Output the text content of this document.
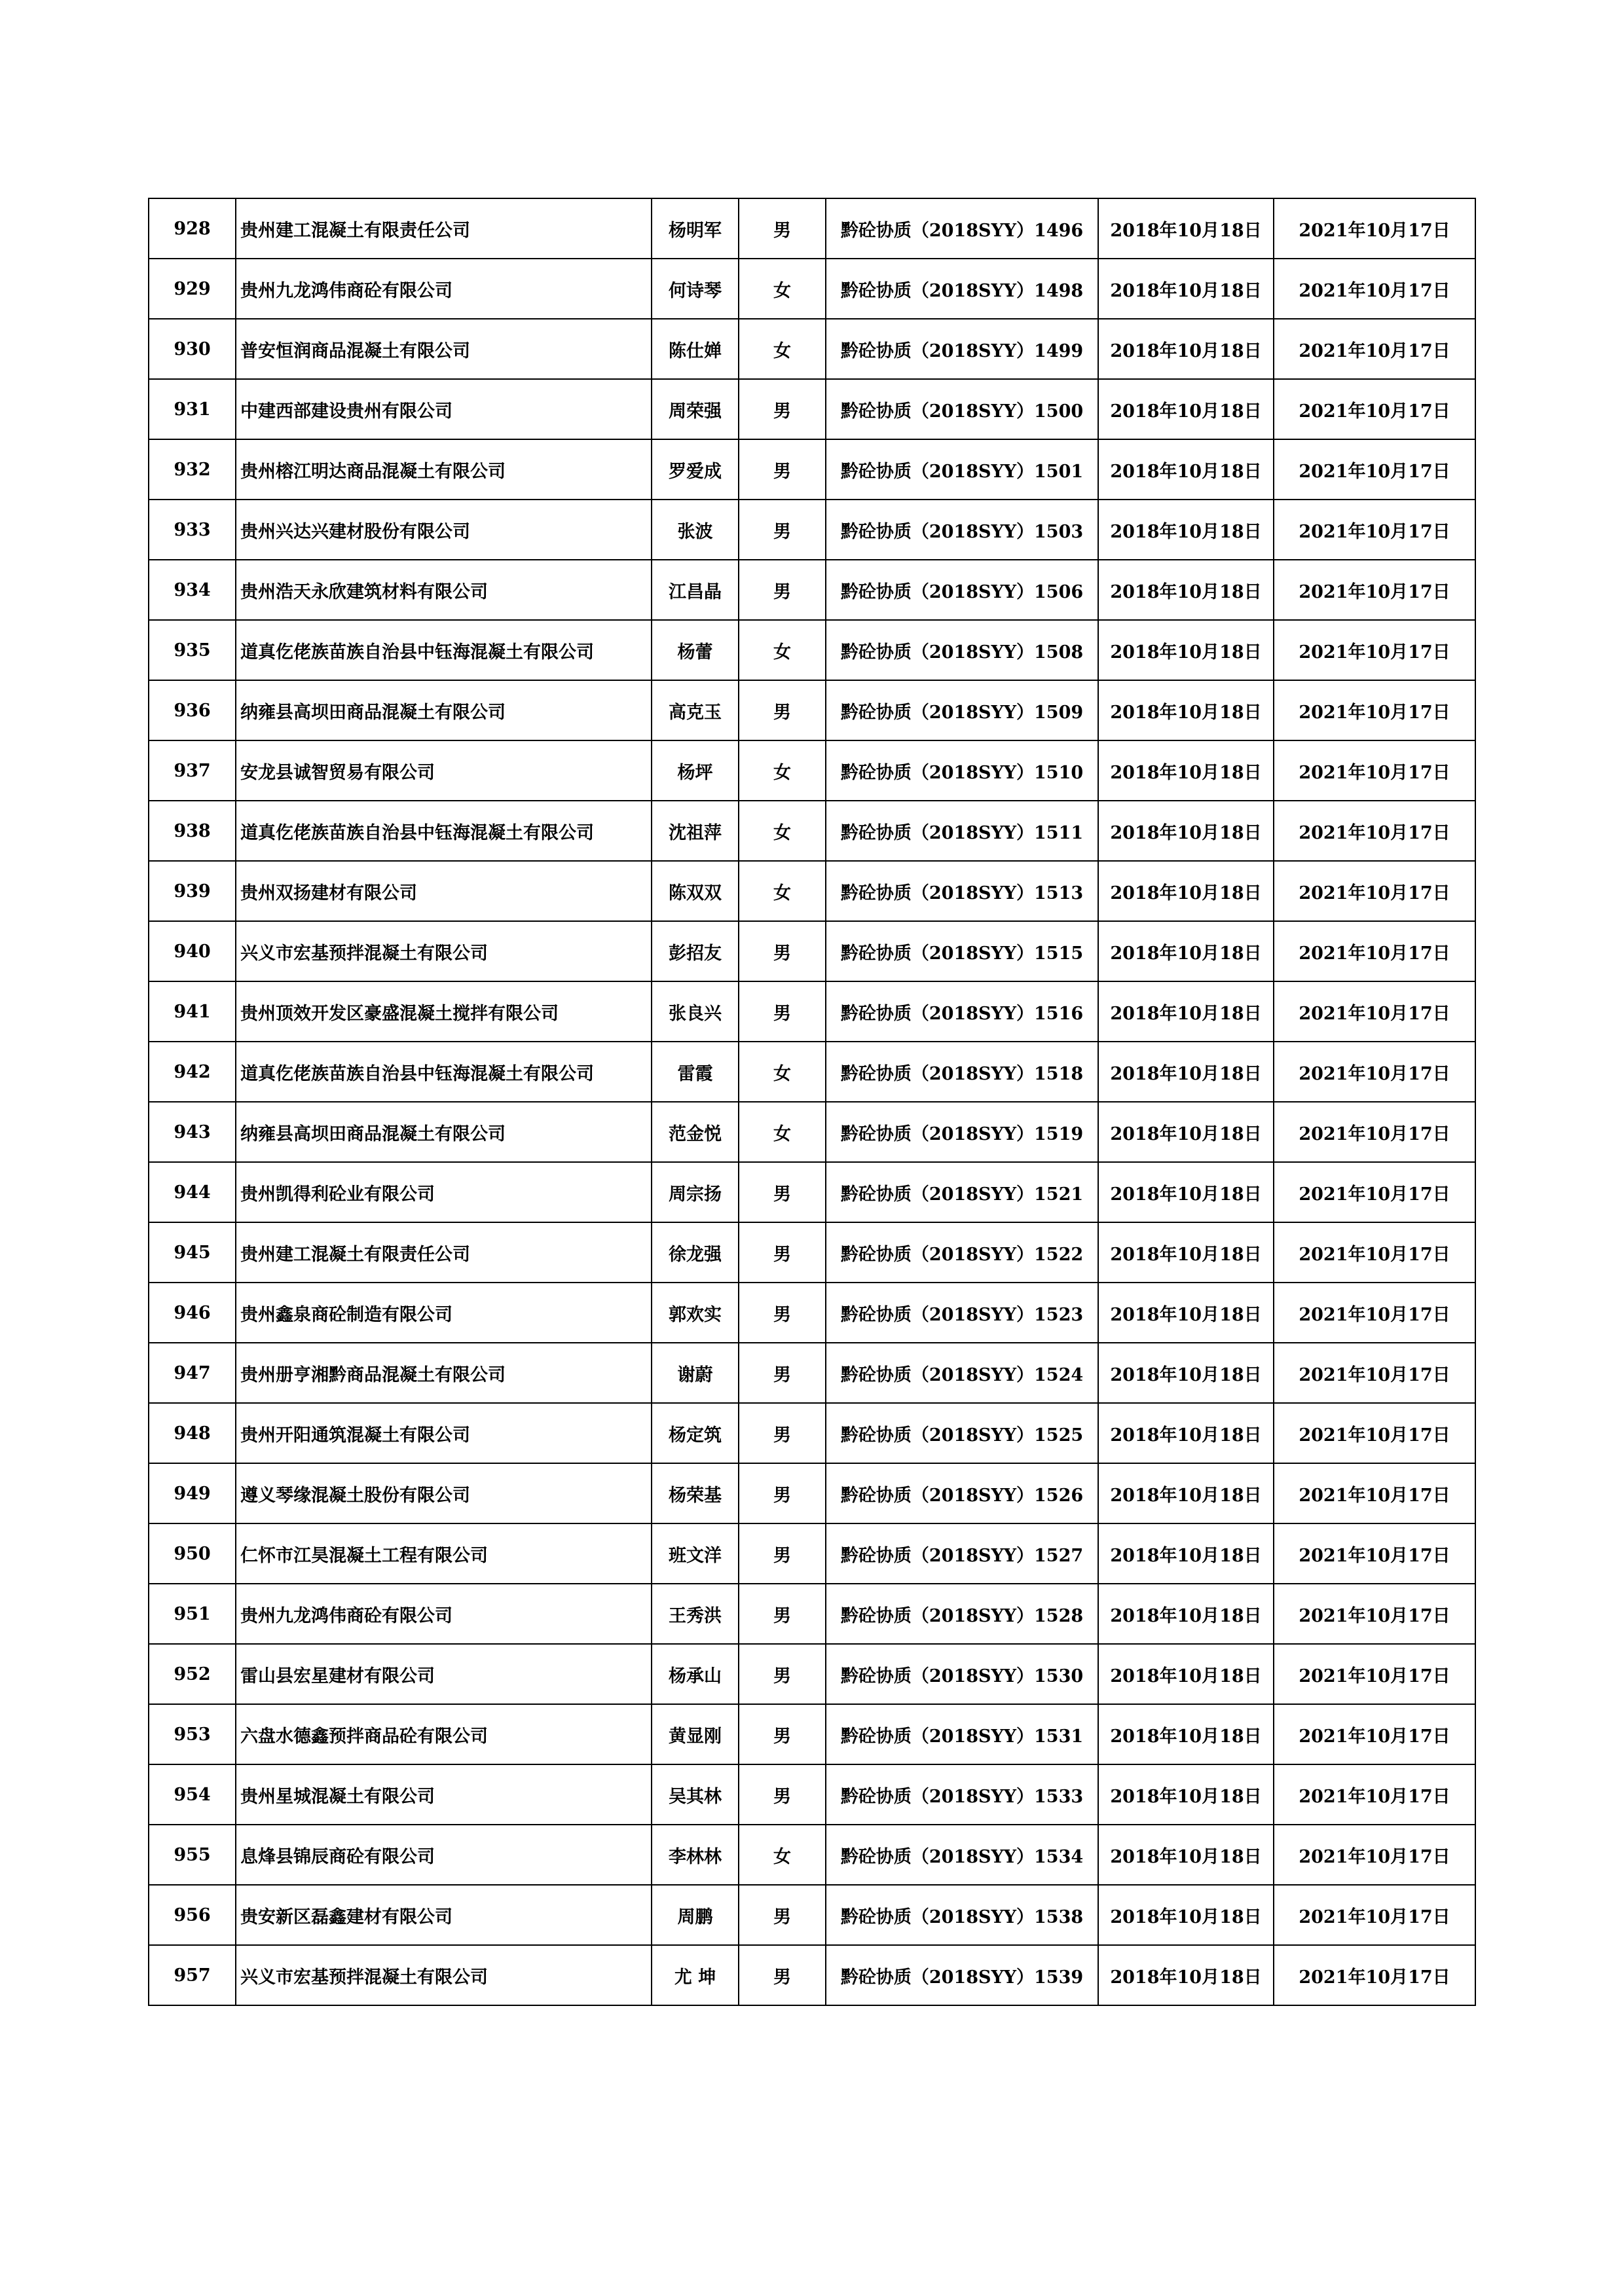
928	贵州建工混凝土有限责任公司	杨明军	男	黔砼协质（2018SYY）1496	2018年10月18日	2021年10月17日
929	贵州九龙鸿伟商砼有限公司	何诗琴	女	黔砼协质（2018SYY）1498	2018年10月18日	2021年10月17日
930	普安恒润商品混凝土有限公司	陈仕婵	女	黔砼协质（2018SYY）1499	2018年10月18日	2021年10月17日
931	中建西部建设贵州有限公司	周荣强	男	黔砼协质（2018SYY）1500	2018年10月18日	2021年10月17日
932	贵州榕江明达商品混凝土有限公司	罗爱成	男	黔砼协质（2018SYY）1501	2018年10月18日	2021年10月17日
933	贵州兴达兴建材股份有限公司	张波	男	黔砼协质（2018SYY）1503	2018年10月18日	2021年10月17日
934	贵州浩天永欣建筑材料有限公司	江昌晶	男	黔砼协质（2018SYY）1506	2018年10月18日	2021年10月17日
935	道真仡佬族苗族自治县中钰海混凝土有限公司	杨蕾	女	黔砼协质（2018SYY）1508	2018年10月18日	2021年10月17日
936	纳雍县高坝田商品混凝土有限公司	高克玉	男	黔砼协质（2018SYY）1509	2018年10月18日	2021年10月17日
937	安龙县诚智贸易有限公司	杨坪	女	黔砼协质（2018SYY）1510	2018年10月18日	2021年10月17日
938	道真仡佬族苗族自治县中钰海混凝土有限公司	沈祖萍	女	黔砼协质（2018SYY）1511	2018年10月18日	2021年10月17日
939	贵州双扬建材有限公司	陈双双	女	黔砼协质（2018SYY）1513	2018年10月18日	2021年10月17日
940	兴义市宏基预拌混凝土有限公司	彭招友	男	黔砼协质（2018SYY）1515	2018年10月18日	2021年10月17日
941	贵州顶效开发区豪盛混凝土搅拌有限公司	张良兴	男	黔砼协质（2018SYY）1516	2018年10月18日	2021年10月17日
942	道真仡佬族苗族自治县中钰海混凝土有限公司	雷霞	女	黔砼协质（2018SYY）1518	2018年10月18日	2021年10月17日
943	纳雍县高坝田商品混凝土有限公司	范金悦	女	黔砼协质（2018SYY）1519	2018年10月18日	2021年10月17日
944	贵州凯得利砼业有限公司	周宗扬	男	黔砼协质（2018SYY）1521	2018年10月18日	2021年10月17日
945	贵州建工混凝土有限责任公司	徐龙强	男	黔砼协质（2018SYY）1522	2018年10月18日	2021年10月17日
946	贵州鑫泉商砼制造有限公司	郭欢实	男	黔砼协质（2018SYY）1523	2018年10月18日	2021年10月17日
947	贵州册亨湘黔商品混凝土有限公司	谢蔚	男	黔砼协质（2018SYY）1524	2018年10月18日	2021年10月17日
948	贵州开阳通筑混凝土有限公司	杨定筑	男	黔砼协质（2018SYY）1525	2018年10月18日	2021年10月17日
949	遵义琴缘混凝土股份有限公司	杨荣基	男	黔砼协质（2018SYY）1526	2018年10月18日	2021年10月17日
950	仁怀市江昊混凝土工程有限公司	班文洋	男	黔砼协质（2018SYY）1527	2018年10月18日	2021年10月17日
951	贵州九龙鸿伟商砼有限公司	王秀洪	男	黔砼协质（2018SYY）1528	2018年10月18日	2021年10月17日
952	雷山县宏星建材有限公司	杨承山	男	黔砼协质（2018SYY）1530	2018年10月18日	2021年10月17日
953	六盘水德鑫预拌商品砼有限公司	黄显刚	男	黔砼协质（2018SYY）1531	2018年10月18日	2021年10月17日
954	贵州星城混凝土有限公司	吴其林	男	黔砼协质（2018SYY）1533	2018年10月18日	2021年10月17日
955	息烽县锦辰商砼有限公司	李林林	女	黔砼协质（2018SYY）1534	2018年10月18日	2021年10月17日
956	贵安新区磊鑫建材有限公司	周鹏	男	黔砼协质（2018SYY）1538	2018年10月18日	2021年10月17日
957	兴义市宏基预拌混凝土有限公司	尤 坤	男	黔砼协质（2018SYY）1539	2018年10月18日	2021年10月17日
